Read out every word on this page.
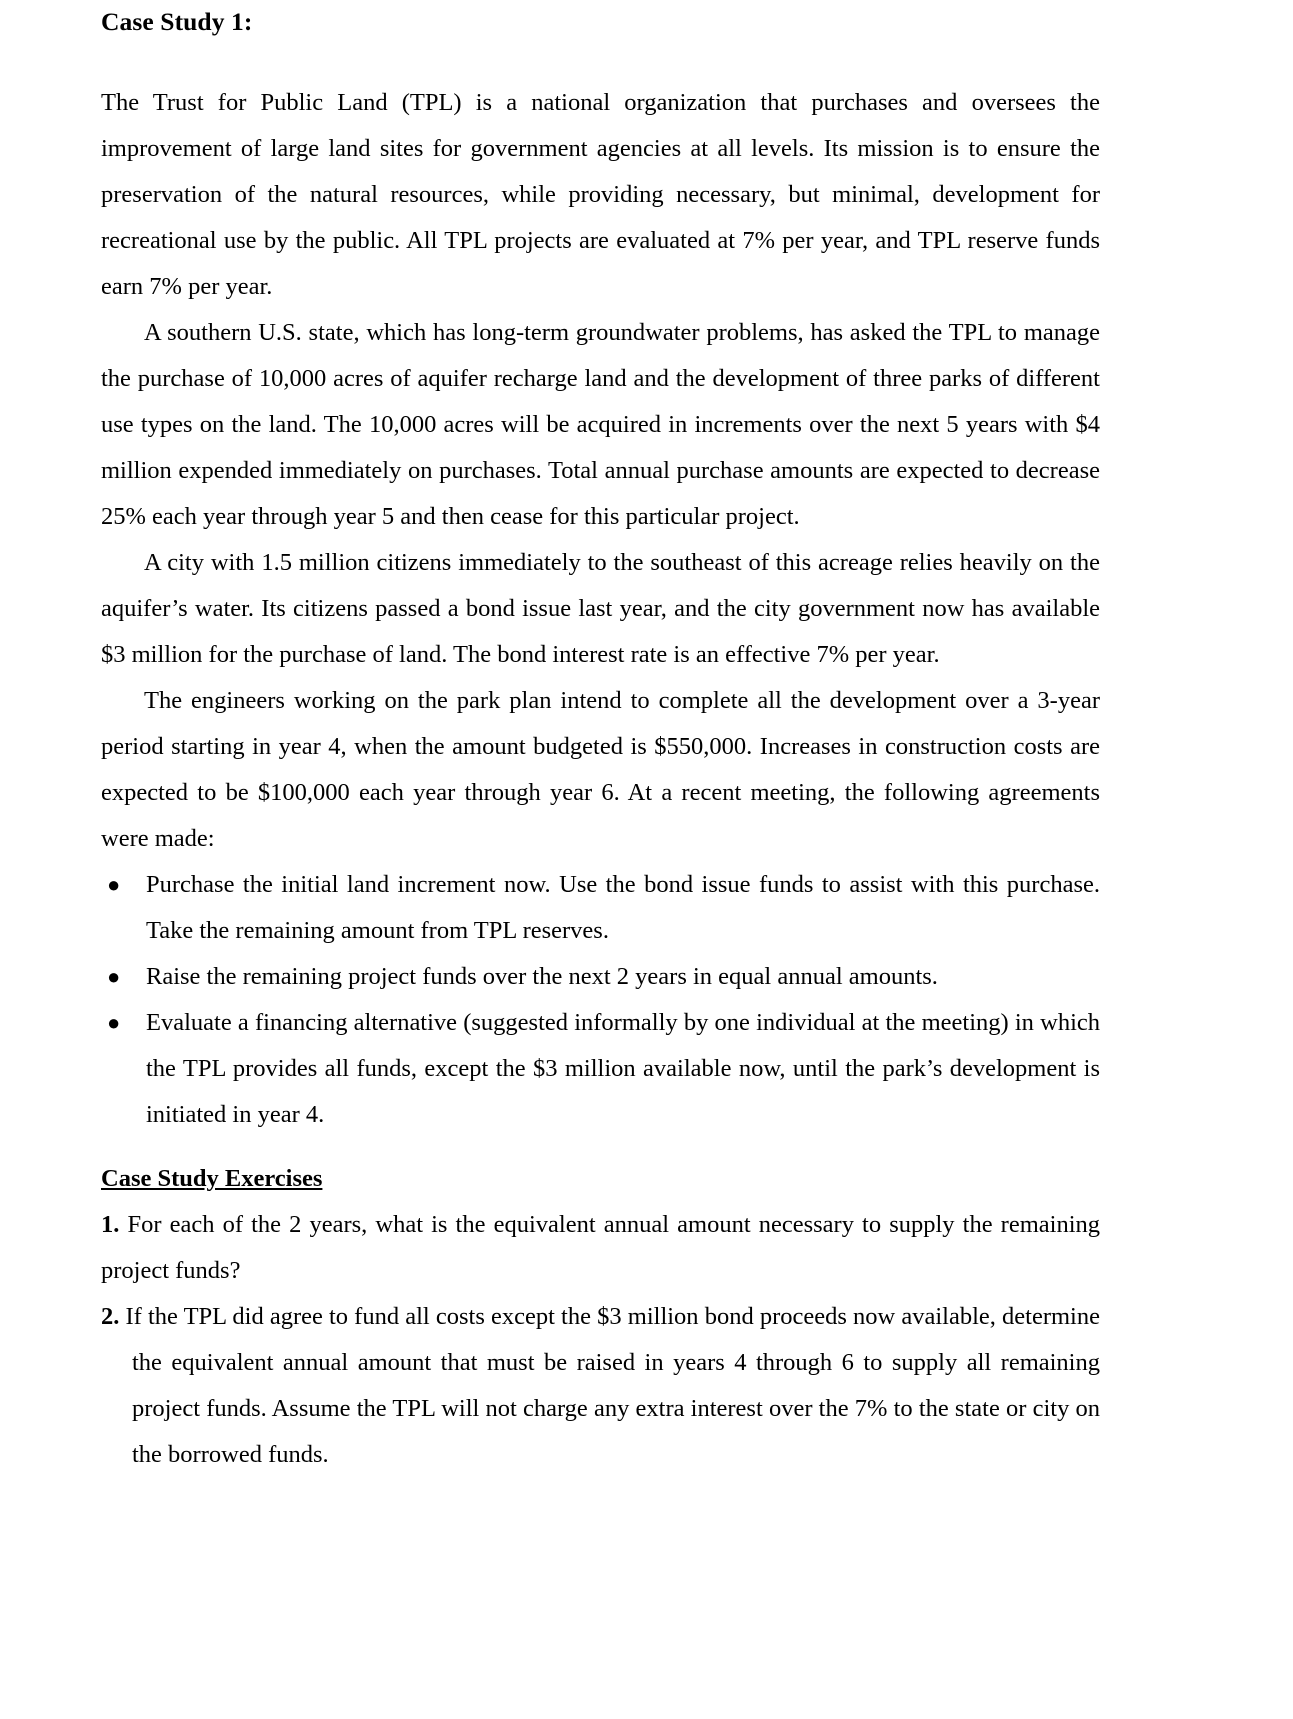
Case Study 1:

The Trust for Public Land (TPL) is a national organization that purchases and oversees the improvement of large land sites for government agencies at all levels. Its mission is to ensure the preservation of the natural resources, while providing necessary, but minimal, development for recreational use by the public. All TPL projects are evaluated at 7% per year, and TPL reserve funds earn 7% per year.

A southern U.S. state, which has long-term groundwater problems, has asked the TPL to manage the purchase of 10,000 acres of aquifer recharge land and the development of three parks of different use types on the land. The 10,000 acres will be acquired in increments over the next 5 years with $4 million expended immediately on purchases. Total annual purchase amounts are expected to decrease 25% each year through year 5 and then cease for this particular project.

A city with 1.5 million citizens immediately to the southeast of this acreage relies heavily on the aquifer’s water. Its citizens passed a bond issue last year, and the city government now has available $3 million for the purchase of land. The bond interest rate is an effective 7% per year.

The engineers working on the park plan intend to complete all the development over a 3-year period starting in year 4, when the amount budgeted is $550,000. Increases in construction costs are expected to be $100,000 each year through year 6. At a recent meeting, the following agreements were made:

● Purchase the initial land increment now. Use the bond issue funds to assist with this purchase. Take the remaining amount from TPL reserves.
● Raise the remaining project funds over the next 2 years in equal annual amounts.
● Evaluate a financing alternative (suggested informally by one individual at the meeting) in which the TPL provides all funds, except the $3 million available now, until the park’s development is initiated in year 4.
Case Study Exercises

1. For each of the 2 years, what is the equivalent annual amount necessary to supply the remaining project funds?

2. If the TPL did agree to fund all costs except the $3 million bond proceeds now available, determine the equivalent annual amount that must be raised in years 4 through 6 to supply all remaining project funds. Assume the TPL will not charge any extra interest over the 7% to the state or city on the borrowed funds.
